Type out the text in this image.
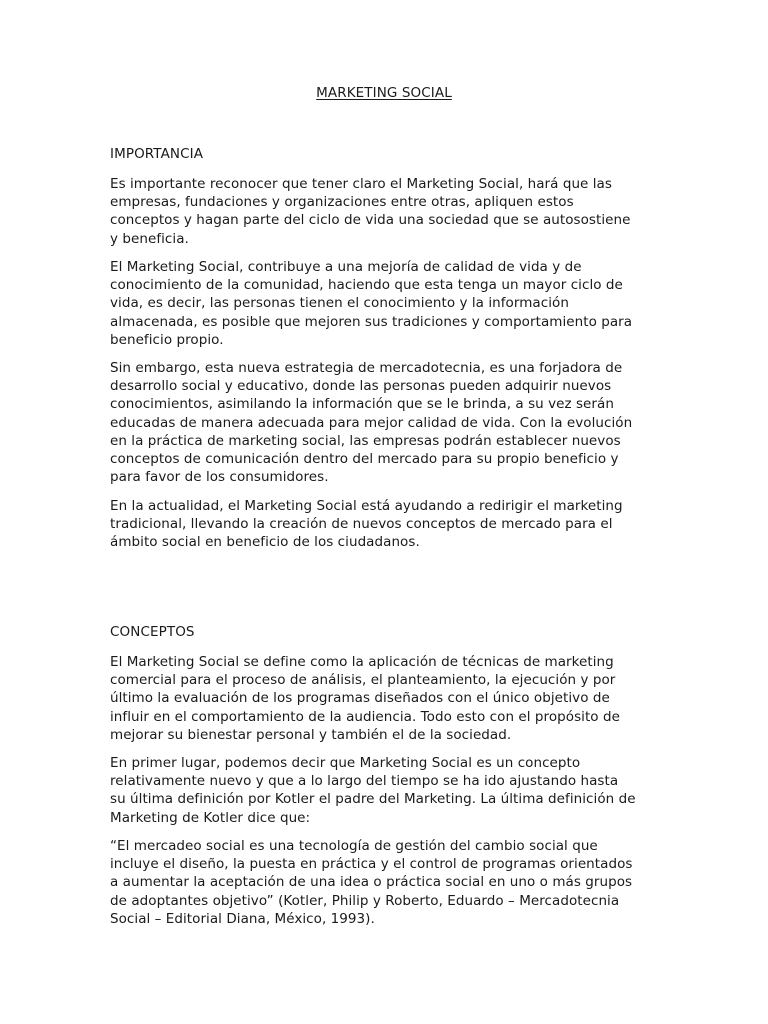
MARKETING SOCIAL
IMPORTANCIA
Es importante reconocer que tener claro el Marketing Social, hará que las
empresas, fundaciones y organizaciones entre otras, apliquen estos
conceptos y hagan parte del ciclo de vida una sociedad que se autosostiene
y beneficia.
El Marketing Social, contribuye a una mejoría de calidad de vida y de
conocimiento de la comunidad, haciendo que esta tenga un mayor ciclo de
vida, es decir, las personas tienen el conocimiento y la información
almacenada, es posible que mejoren sus tradiciones y comportamiento para
beneficio propio.
Sin embargo, esta nueva estrategia de mercadotecnia, es una forjadora de
desarrollo social y educativo, donde las personas pueden adquirir nuevos
conocimientos, asimilando la información que se le brinda, a su vez serán
educadas de manera adecuada para mejor calidad de vida. Con la evolución
en la práctica de marketing social, las empresas podrán establecer nuevos
conceptos de comunicación dentro del mercado para su propio beneficio y
para favor de los consumidores.
En la actualidad, el Marketing Social está ayudando a redirigir el marketing
tradicional, llevando la creación de nuevos conceptos de mercado para el
ámbito social en beneficio de los ciudadanos.
CONCEPTOS
El Marketing Social se define como la aplicación de técnicas de marketing
comercial para el proceso de análisis, el planteamiento, la ejecución y por
último la evaluación de los programas diseñados con el único objetivo de
influir en el comportamiento de la audiencia. Todo esto con el propósito de
mejorar su bienestar personal y también el de la sociedad.
En primer lugar, podemos decir que Marketing Social es un concepto
relativamente nuevo y que a lo largo del tiempo se ha ido ajustando hasta
su última definición por Kotler el padre del Marketing. La última definición de
Marketing de Kotler dice que:
“El mercadeo social es una tecnología de gestión del cambio social que
incluye el diseño, la puesta en práctica y el control de programas orientados
a aumentar la aceptación de una idea o práctica social en uno o más grupos
de adoptantes objetivo” (Kotler, Philip y Roberto, Eduardo – Mercadotecnia
Social – Editorial Diana, México, 1993).
